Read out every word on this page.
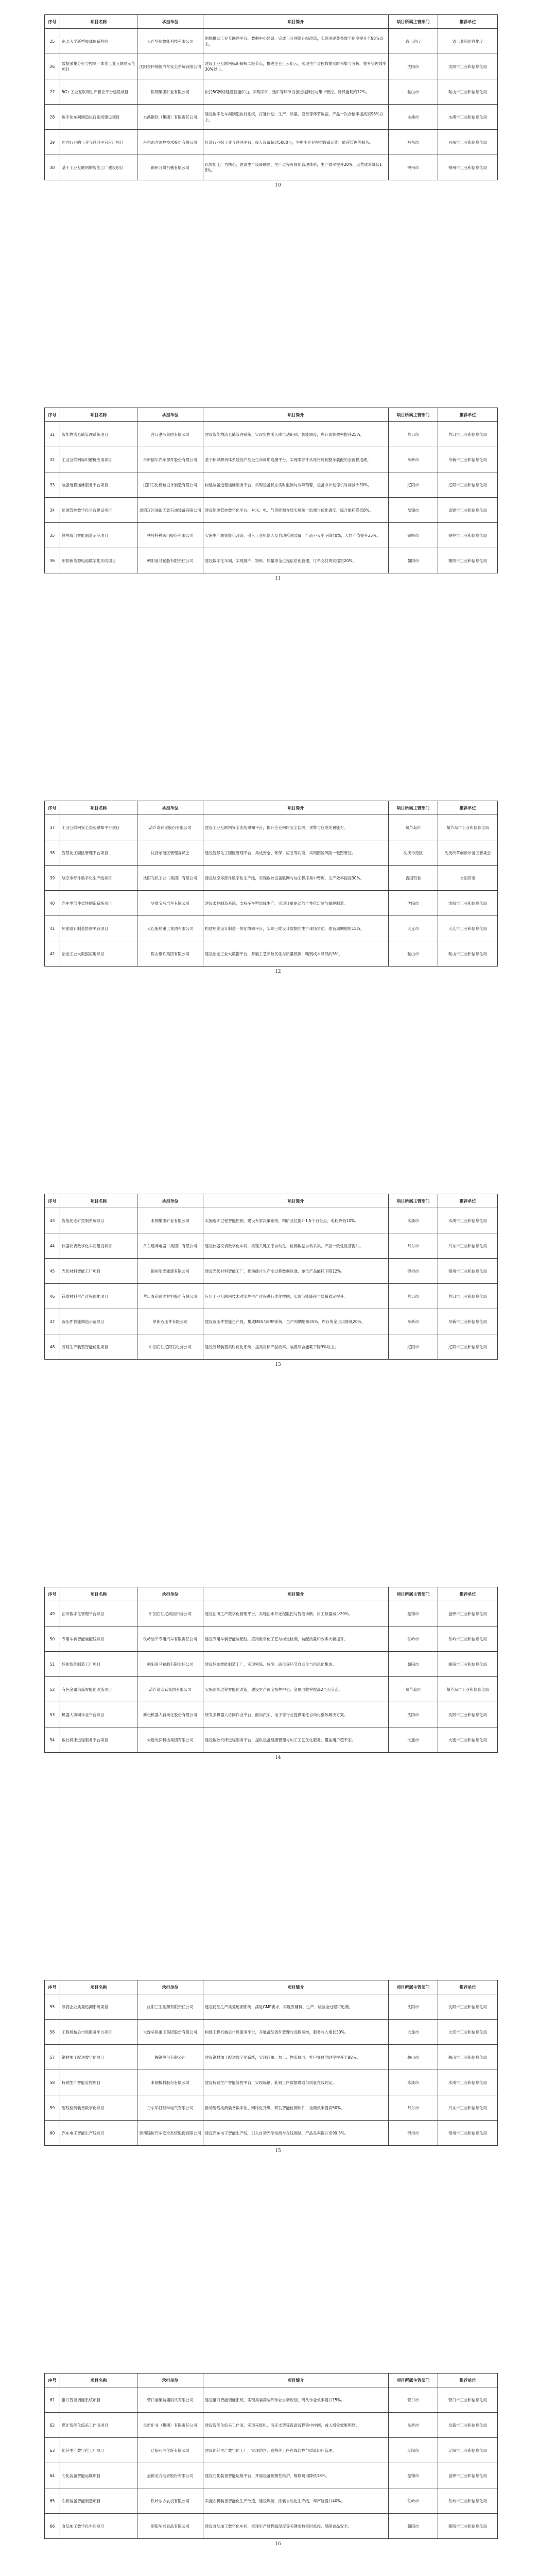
序号	项目名称	承担单位	项目简介	项目所属主管部门	推荐单位
25	东北大学新型胶球体系检验	大连华信鲁能科技有限公司	围绕推动工业互联网平台、数据中心建设，完成工业网络升级改造，实现关键装备数字化率提升至90%以上。	省工信厅	省工业和信息化厅
26	数据采集分析与控制一体化工业互联网示范项目	沈阳金杯锦恒汽车安全系统有限公司	建设工业互联网标识解析二级节点，推进企业上云用云，实现生产过程数据实时采集与分析，提升管理效率30%以上。	沈阳市	沈阳市工业和信息化局
27	5G+工业互联网生产管控平台建设项目	鞍钢集团矿业有限公司	依托5G网络建设智能矿山，实现采矿、选矿等环节设备远程操控与集中管控，降低能耗约12%。	鞍山市	鞍山市工业和信息化局
28	数字化车间制造执行系统建设项目	本溪钢铁（集团）有限责任公司	建设数字化车间制造执行系统，打通计划、生产、质量、设备等环节数据，产品一次合格率提高至98%以上。	本溪市	本溪市工业和信息化局
29	面向行业的工业互联网平台应用项目	丹东东方测控技术股份有限公司	打造行业级工业互联网平台，接入设备超过5000台，为中小企业提供设备运维、能耗管理等服务。	丹东市	丹东市工业和信息化局
30	基于工业互联网的智能工厂建设项目	锦州万得机械有限公司	以智能工厂为核心，建设生产设备联网、生产过程可视化管理体系，生产效率提升20%，运营成本降低15%。	锦州市	锦州市工业和信息化局
10
序号	项目名称	承担单位	项目简介	项目所属主管部门	推荐单位
31	智能物流仓储管理系统项目	营口港务集团有限公司	建设智能物流仓储管理系统，实现货物出入库自动识别、智能调度，库存周转效率提升25%。	营口市	营口市工业和信息化局
32	工业互联网标识解析应用项目	阜新德尔汽车部件股份有限公司	基于标识解析体系建设产品全生命周期追溯平台，实现零部件从原材料到整车装配的全流程追溯。	阜新市	阜新市工业和信息化局
33	装备远程运维服务平台项目	辽阳石化机械设计制造有限公司	构建装备远程运维服务平台，实现设备状态实时监测与故障预警，设备非计划停机时间减少30%。	辽阳市	辽阳市工业和信息化局
34	能源管控数字化平台建设项目	盘锦辽河油田天意石油装备有限公司	建设能源管控数字化平台，对水、电、气等能源介质实施统一监测与优化调度，综合能耗降低8%。	盘锦市	盘锦市工业和信息化局
35	铁岭阀门智能制造示范项目	铁岭特种阀门股份有限公司	实施生产线智能化改造，引入工业机器人及自动检测装备，产品不良率下降40%，人均产值提升35%。	铁岭市	铁岭市工业和信息化局
36	朝阳新能源电池数字化车间项目	朝阳浪马轮胎有限责任公司	建设数字化车间，实现排产、物料、质量等全过程信息化管理，订单交付周期缩短20%。	朝阳市	朝阳市工业和信息化局
11
序号	项目名称	承担单位	项目简介	项目所属主管部门	推荐单位
37	工业互联网安全态势感知平台项目	葫芦岛锌业股份有限公司	建设工业互联网安全态势感知平台，提升企业网络安全监测、预警与应急处置能力。	葫芦岛市	葫芦岛市工业和信息化局
38	智慧化工园区管理平台项目	沈抚示范区管理委员会	建设智慧化工园区管理平台，集成安全、环保、应急等功能，实现园区风险一张图管控。	沈抚示范区	沈抚改革创新示范区管委会
39	航空零部件数字化生产线项目	沈阳飞机工业（集团）有限公司	建设航空零部件数字化生产线，实现数控设备联网与加工程序集中管理，生产效率提高30%。	省国资委	省国资委
40	汽车零部件柔性制造系统项目	华晨宝马汽车有限公司	建设柔性制造系统，支持多车型混线生产，实现订单驱动的个性化定制与敏捷制造。	沈阳市	沈阳市工业和信息化局
41	船舶设计制造协同平台项目	大连船舶重工集团有限公司	构建船舶设计制造一体化协同平台，实现三维设计数据向生产现场贯通，建造周期缩短15%。	大连市	大连市工业和信息化局
42	冶金工业大数据应用项目	鞍山钢铁集团有限公司	建设冶金工业大数据平台，开展工艺参数优化与质量预测，吨钢成本降低约5%。	鞍山市	鞍山市工业和信息化局
12
序号	项目名称	承担单位	项目简介	项目所属主管部门	推荐单位
43	智能化选矿控制系统项目	本钢集团矿业有限公司	实施选矿过程智能控制，建设专家决策系统，精矿品位提升1.5个百分点，电耗降低10%。	本溪市	本溪市工业和信息化局
44	仪器仪表数字化车间建设项目	丹东通博电器（集团）有限公司	建设仪器仪表数字化车间，实现关键工序自动化、检测数据自动采集，产品一致性显著提升。	丹东市	丹东市工业和信息化局
45	光伏材料智能工厂项目	锦州阳光能源有限公司	建设光伏材料智能工厂，推动硅片生产全过程数据联通，单位产品能耗下降12%。	锦州市	锦州市工业和信息化局
46	镁质材料生产过程优化项目	营口青花耐火材料股份有限公司	应用工业互联网技术对窑炉生产过程进行优化控制，实现节能降耗与质量稳定提升。	营口市	营口市工业和信息化局
47	液压件智能制造示范项目	阜新液压件有限公司	建设液压件智能生产线，集成MES与ERP系统，生产周期缩短25%，库存资金占用降低20%。	阜新市	阜新市工业和信息化局
48	芳烃生产装置智能优化项目	中国石油辽阳石化分公司	建设芳烃装置实时优化系统，提高目标产品收率，装置综合能耗下降3%以上。	辽阳市	辽阳市工业和信息化局
13
序号	项目名称	承担单位	项目简介	项目所属主管部门	推荐单位
49	油田数字化管理平台项目	中国石油辽河油田分公司	建设油田生产数字化管理平台，实现油水井远程监控与智能诊断，用工数量减少20%。	盘锦市	盘锦市工业和信息化局
50	专用车辆智能装配线项目	铁岭陆平专用汽车有限责任公司	建设专用车辆智能装配线，应用数字化工艺与视觉检测，装配质量和效率大幅提升。	铁岭市	铁岭市工业和信息化局
51	轮胎智能制造工厂项目	朝阳浪马轮胎有限责任公司	建设轮胎智能制造工厂，实现密炼、成型、硫化等环节自动化与信息化集成。	朝阳市	朝阳市工业和信息化局
52	有色金属冶炼智能化改造项目	葫芦岛宏跃集团有限公司	实施冶炼过程智能化改造，建设生产调度指挥中心，金属回收率提高2个百分点。	葫芦岛市	葫芦岛市工业和信息化局
53	机器人协同作业平台项目	新松机器人自动化股份有限公司	研发多机器人协同作业平台，面向汽车、电子等行业提供柔性自动化整体解决方案。	沈阳市	沈阳市工业和信息化局
54	数控机床远程服务平台项目	大连光洋科技集团有限公司	建设数控机床远程服务平台，提供设备健康管理与加工工艺优化服务，覆盖用户超千家。	大连市	大连市工业和信息化局
14
序号	项目名称	承担单位	项目简介	项目所属主管部门	推荐单位
55	制药企业质量追溯系统项目	沈阳三生制药有限责任公司	建设药品生产质量追溯系统，满足GMP要求，实现原辅料、生产、检验全过程可追溯。	沈阳市	沈阳市工业和信息化局
56	工程机械后市场服务平台项目	大连华锐重工集团股份有限公司	构建工程机械后市场服务平台，开展备品备件管理与远程运维，服务收入增长30%。	大连市	大连市工业和信息化局
57	钢材加工配送数字化项目	鞍钢股份有限公司	建设钢材加工配送数字化系统，实现订单、加工、物流协同，客户交付准时率提升至98%。	鞍山市	鞍山市工业和信息化局
58	特钢生产智能管控项目	本钢板材股份有限公司	建设特钢生产智能管控平台，实现炼钢、轧钢工序数据贯通与质量在线判定。	本溪市	本溪市工业和信息化局
59	射线检测装备数字化项目	丹东华日理学电气有限公司	推动射线检测装备数字化、网络化升级，研发智能检测软件，检测效率提高50%。	丹东市	丹东市工业和信息化局
60	汽车电子智能生产线项目	锦州锦恒汽车安全系统股份有限公司	建设汽车电子智能生产线，引入自动光学检测与在线测试，产品良率提升至99.5%。	锦州市	锦州市工业和信息化局
15
序号	项目名称	承担单位	项目简介	项目所属主管部门	推荐单位
61	港口智能调度系统项目	营口港集装箱码头有限公司	建设港口智能调度系统，实现集装箱装卸作业自动规划，码头作业效率提升15%。	营口市	营口市工业和信息化局
62	煤矿智能化综采工作面项目	阜新矿业（集团）有限责任公司	建设智能化综采工作面，实现采煤机、液压支架等设备远程集中控制，减人增安效果明显。	阜新市	阜新市工业和信息化局
63	化纤生产数字化工厂项目	辽阳石油化纤有限公司	建设化纤生产数字化工厂，实现纺丝、卷绕等工序在线监控与质量闭环管理。	辽阳市	辽阳市工业和信息化局
64	石化装备智能运维项目	盘锦北方沥青股份有限公司	建设石化装备智能运维平台，开展设备预测性维护，维修费用降低18%。	盘锦市	盘锦市工业和信息化局
65	农机装备智能制造项目	铁岭东方农机有限公司	实施农机装备智能化生产改造，建设焊接、涂装自动化生产线，年产能提升40%。	铁岭市	铁岭市工业和信息化局
66	食品加工数字化车间项目	朝阳华兴食品有限公司	建设食品加工数字化车间，实现生产过程温湿度等关键参数实时监控，保障食品安全。	朝阳市	朝阳市工业和信息化局
16
